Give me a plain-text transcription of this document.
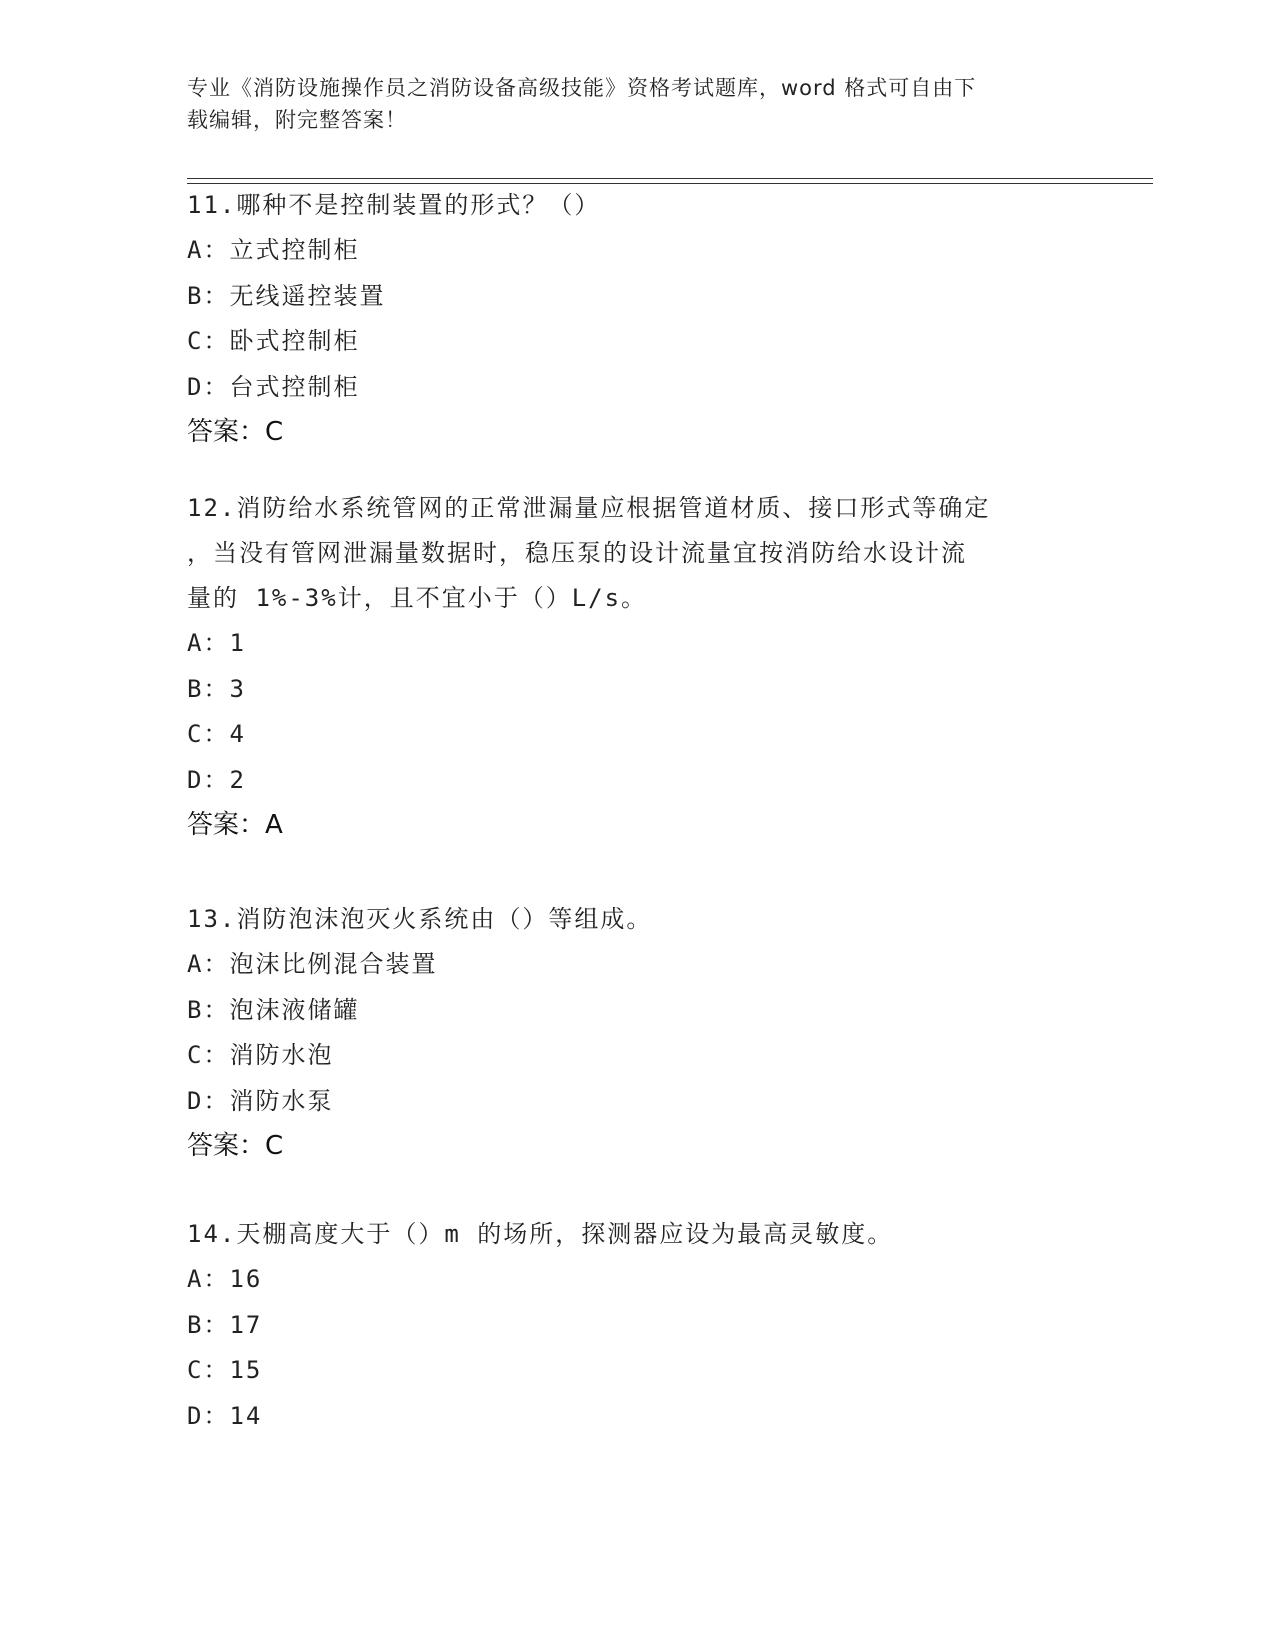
专业《消防设施操作员之消防设备高级技能》资格考试题库，word 格式可自由下
载编辑，附完整答案！
11.哪种不是控制装置的形式？（）
A：立式控制柜
B：无线遥控装置
C：卧式控制柜
D：台式控制柜
答案：C
12.消防给水系统管网的正常泄漏量应根据管道材质、接口形式等确定
，当没有管网泄漏量数据时，稳压泵的设计流量宜按消防给水设计流
量的 1%-3%计，且不宜小于（）L/s。
A：1
B：3
C：4
D：2
答案：A
13.消防泡沫泡灭火系统由（）等组成。
A：泡沫比例混合装置
B：泡沫液储罐
C：消防水泡
D：消防水泵
答案：C
14.天棚高度大于（）m 的场所，探测器应设为最高灵敏度。
A：16
B：17
C：15
D：14
